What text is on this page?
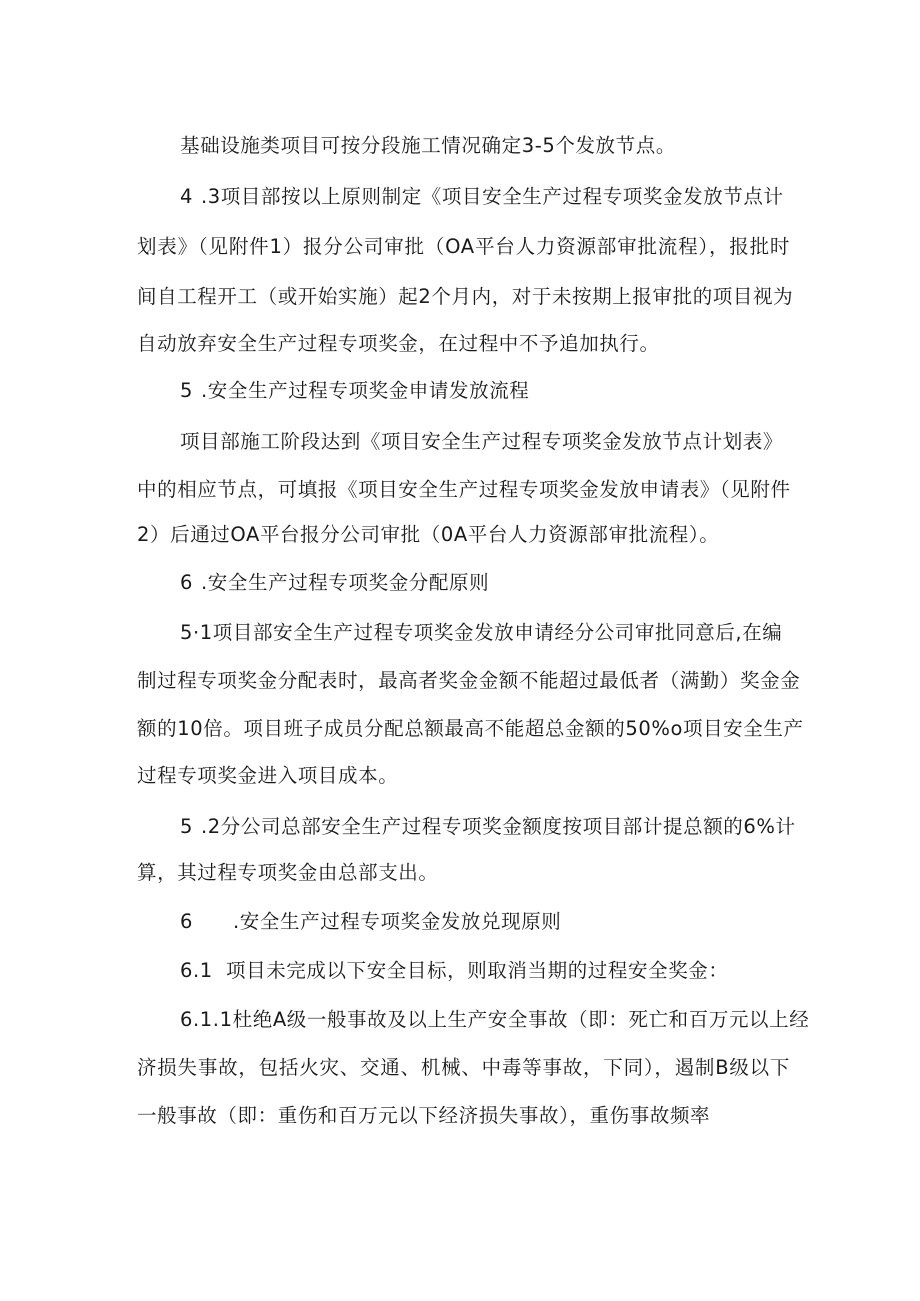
基础设施类项目可按分段施工情况确定3-5个发放节点。
4 .3项目部按以上原则制定《项目安全生产过程专项奖金发放节点计
划表》（见附件1）报分公司审批（OA平台人力资源部审批流程），报批时
间自工程开工（或开始实施）起2个月内，对于未按期上报审批的项目视为
自动放弃安全生产过程专项奖金，在过程中不予追加执行。
5 .安全生产过程专项奖金申请发放流程
项目部施工阶段达到《项目安全生产过程专项奖金发放节点计划表》
中的相应节点，可填报《项目安全生产过程专项奖金发放申请表》（见附件
2）后通过OA平台报分公司审批（0A平台人力资源部审批流程）。
6 .安全生产过程专项奖金分配原则
5·1项目部安全生产过程专项奖金发放申请经分公司审批同意后,在编
制过程专项奖金分配表时，最高者奖金金额不能超过最低者（满勤）奖金金
额的10倍。项目班子成员分配总额最高不能超总金额的50%o项目安全生产
过程专项奖金进入项目成本。
5 .2分公司总部安全生产过程专项奖金额度按项目部计提总额的6%计
算，其过程专项奖金由总部支出。
6 .安全生产过程专项奖金发放兑现原则
6.1 项目未完成以下安全目标，则取消当期的过程安全奖金：
6.1.1杜绝A级一般事故及以上生产安全事故（即：死亡和百万元以上经
济损失事故，包括火灾、交通、机械、中毒等事故，下同），遏制B级以下
一般事故（即：重伤和百万元以下经济损失事故），重伤事故频率
